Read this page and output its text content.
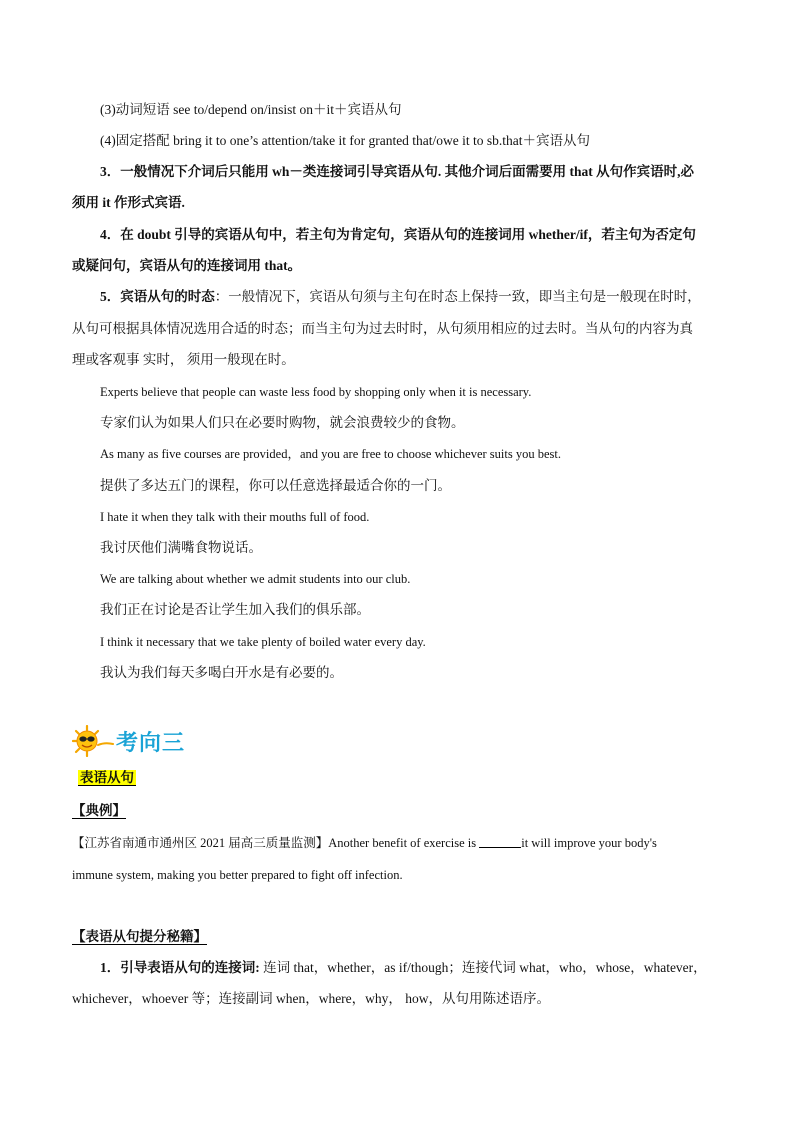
(3)动词短语 see to/depend on/insist on＋it＋宾语从句
(4)固定搭配 bring it to one’s attention/take it for granted that/owe it to sb.that＋宾语从句
3．一般情况下介词后只能用 wh－类连接词引导宾语从句. 其他介词后面需要用 that 从句作宾语时,必
须用 it 作形式宾语.
4．在 doubt 引导的宾语从句中，若主句为肯定句，宾语从句的连接词用 whether/if，若主句为否定句
或疑问句，宾语从句的连接词用 that。
5．宾语从句的时态：一般情况下，宾语从句须与主句在时态上保持一致，即当主句是一般现在时时，
从句可根据具体情况选用合适的时态；而当主句为过去时时，从句须用相应的过去时。当从句的内容为真
理或客观事 实时， 须用一般现在时。
Experts believe that people can waste less food by shopping only when it is necessary.
专家们认为如果人们只在必要时购物，就会浪费较少的食物。
As many as five courses are provided，and you are free to choose whichever suits you best.
提供了多达五门的课程，你可以任意选择最适合你的一门。
I hate it when they talk with their mouths full of food.
我讨厌他们满嘴食物说话。
We are talking about whether we admit students into our club.
我们正在讨论是否让学生加入我们的俱乐部。
I think it necessary that we take plenty of boiled water every day.
我认为我们每天多喝白开水是有必要的。
考向三
表语从句
【典例】
【江苏省南通市通州区 2021 届高三质量监测】Another benefit of exercise is	it will improve your body's
immune system, making you better prepared to fight off infection.
【表语从句提分秘籍】
1．引导表语从句的连接词: 连词 that，whether，as if/though；连接代词 what，who，whose，whatever，
whichever，whoever 等；连接副词 when，where，why， how，从句用陈述语序。
